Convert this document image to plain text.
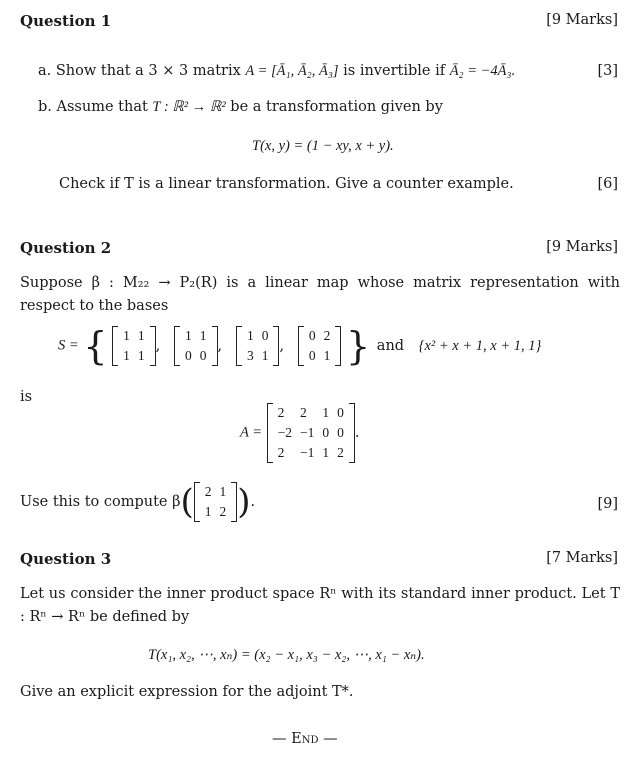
Question 1	[9 Marks]
a. Show that a 3 × 3 matrix A = [Ā₁, Ā₂, Ā₃] is invertible if Ā₂ = −4Ā₃.	[3]
b. Assume that T : ℝ² → ℝ² be a transformation given by
T(x, y) = (1 − xy, x + y).
Check if T is a linear transformation. Give a counter example.	[6]
Question 2	[9 Marks]
Suppose β : M₂₂ → P₂(R) is a linear map whose matrix representation with respect to the bases
S = { 1	1
1	1
,
1	1
0	0
,
1	0
3	1
,
0	2
0	1 } and {x² + x + 1, x + 1, 1}
is
A =
2	2	1	0
−2	−1	0	0
2	−1	1	2
.
Use this to compute β( 2	1
1	2 ).	[9]
Question 3	[7 Marks]
Let us consider the inner product space Rⁿ with its standard inner product. Let T : Rⁿ → Rⁿ be defined by
T(x₁, x₂, ⋯, xₙ) = (x₂ − x₁, x₃ − x₂, ⋯, x₁ − xₙ).
Give an explicit expression for the adjoint T*.
— End —
